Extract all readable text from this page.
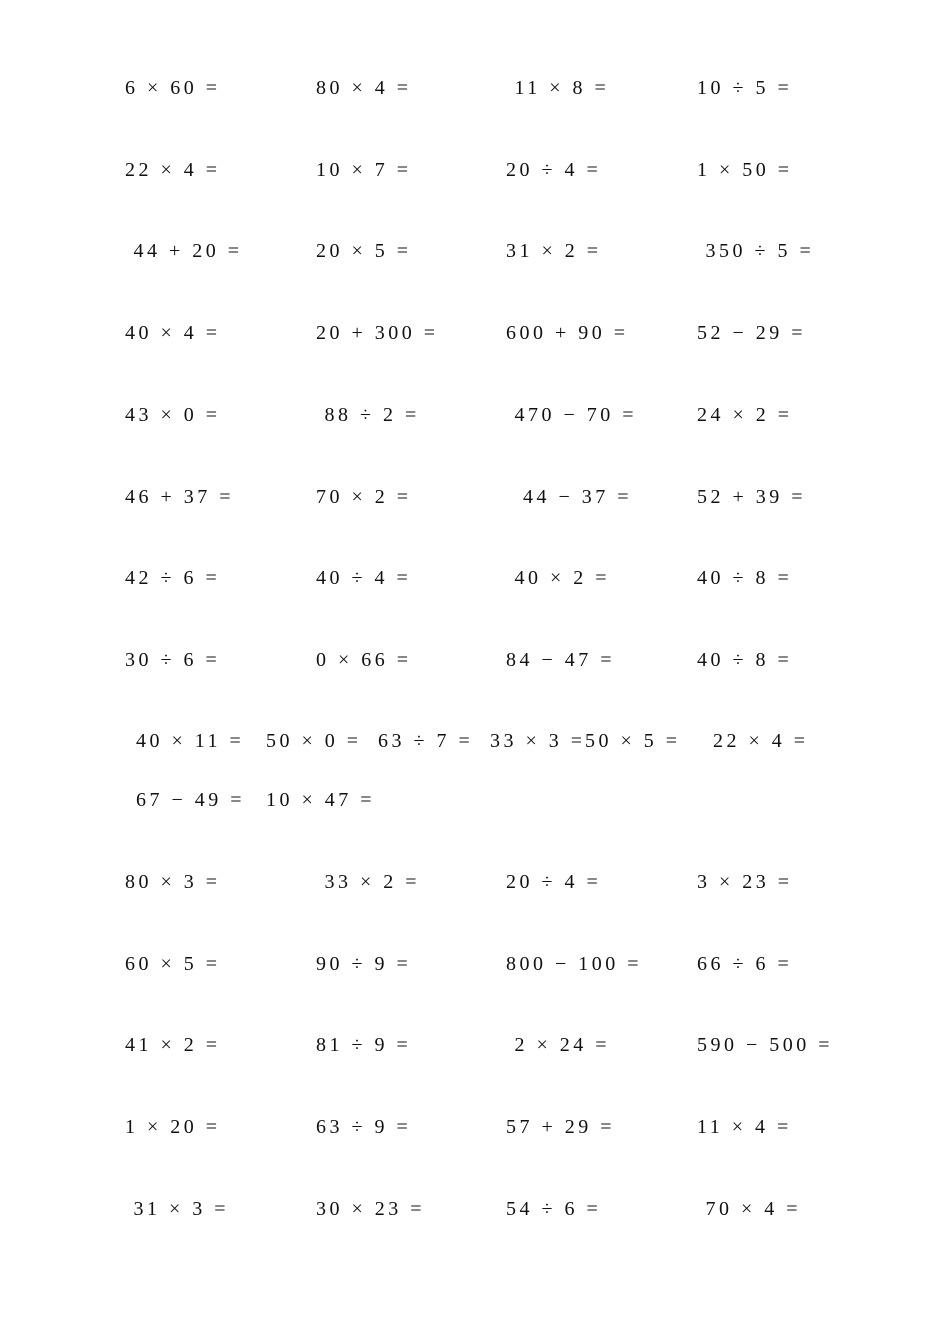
6 × 60 =	80 × 4 =	11 × 8 =	10 ÷ 5 =
22 × 4 =	10 × 7 =	20 ÷ 4 =	1 × 50 =
44 + 20 =	20 × 5 =	31 × 2 =	350 ÷ 5 =
40 × 4 =	20 + 300 =	600 + 90 =	52 − 29 =
43 × 0 =	88 ÷ 2 =	470 − 70 =	24 × 2 =
46 + 37 =	70 × 2 =	44 − 37 =	52 + 39 =
42 ÷ 6 =	40 ÷ 4 =	40 × 2 =	40 ÷ 8 =
30 ÷ 6 =	0 × 66 =	84 − 47 =	40 ÷ 8 =
40 × 11 = 50 × 0 = 63 ÷ 7 = 33 × 3 = 50 × 5 = 22 × 4 =
67 − 49 = 10 × 47 =
80 × 3 =	33 × 2 =	20 ÷ 4 =	3 × 23 =
60 × 5 =	90 ÷ 9 =	800 − 100 =	66 ÷ 6 =
41 × 2 =	81 ÷ 9 =	2 × 24 =	590 − 500 =
1 × 20 =	63 ÷ 9 =	57 + 29 =	11 × 4 =
31 × 3 =	30 × 23 =	54 ÷ 6 =	70 × 4 =
